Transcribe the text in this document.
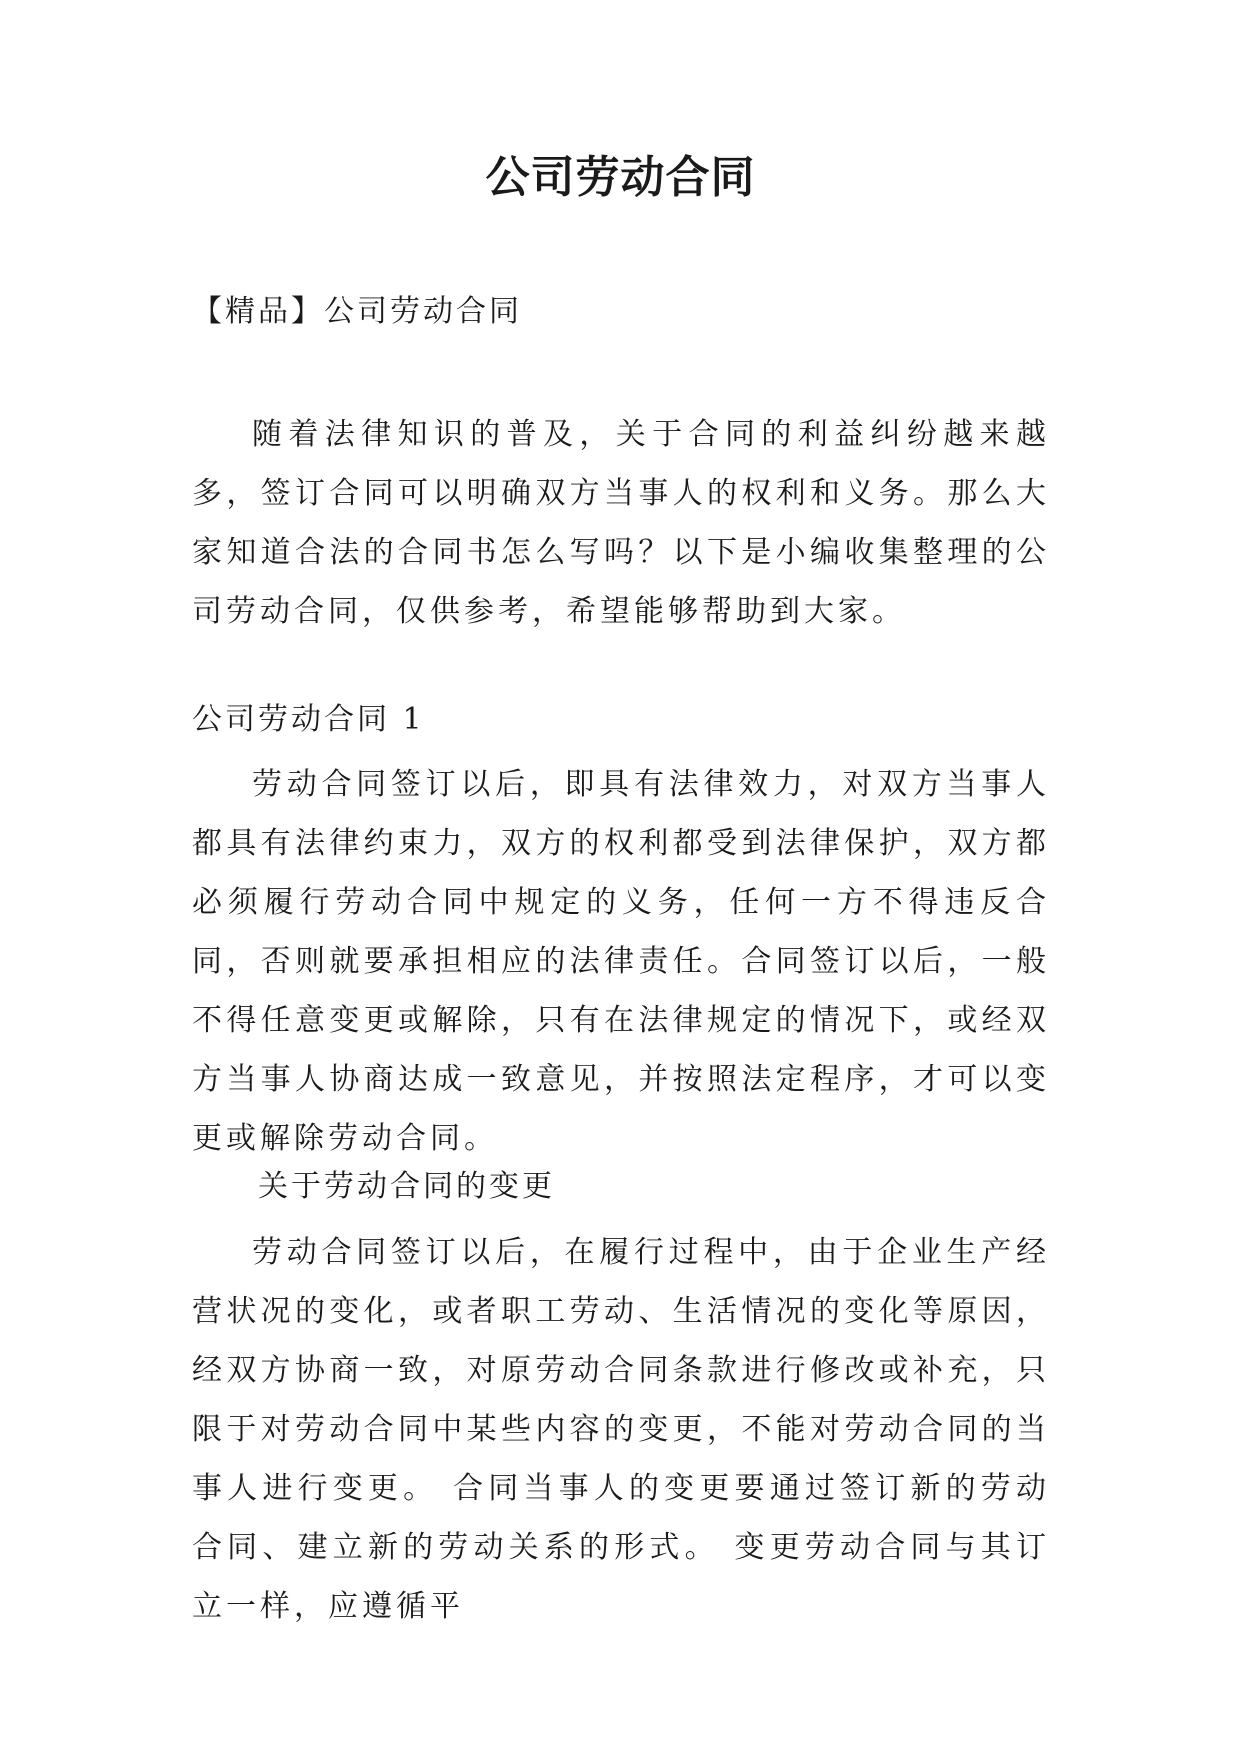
公司劳动合同

【精品】公司劳动合同

随着法律知识的普及，关于合同的利益纠纷越来越多，签订合同可以明确双方当事人的权利和义务。那么大家知道合法的合同书怎么写吗？以下是小编收集整理的公司劳动合同，仅供参考，希望能够帮助到大家。

公司劳动合同 1

劳动合同签订以后，即具有法律效力，对双方当事人都具有法律约束力，双方的权利都受到法律保护，双方都必须履行劳动合同中规定的义务，任何一方不得违反合同，否则就要承担相应的法律责任。合同签订以后，一般不得任意变更或解除，只有在法律规定的情况下，或经双方当事人协商达成一致意见，并按照法定程序，才可以变更或解除劳动合同。

关于劳动合同的变更

劳动合同签订以后，在履行过程中，由于企业生产经营状况的变化，或者职工劳动、生活情况的变化等原因，经双方协商一致，对原劳动合同条款进行修改或补充，只限于对劳动合同中某些内容的变更，不能对劳动合同的当事人进行变更。 合同当事人的变更要通过签订新的劳动合同、建立新的劳动关系的形式。 变更劳动合同与其订立一样，应遵循平
